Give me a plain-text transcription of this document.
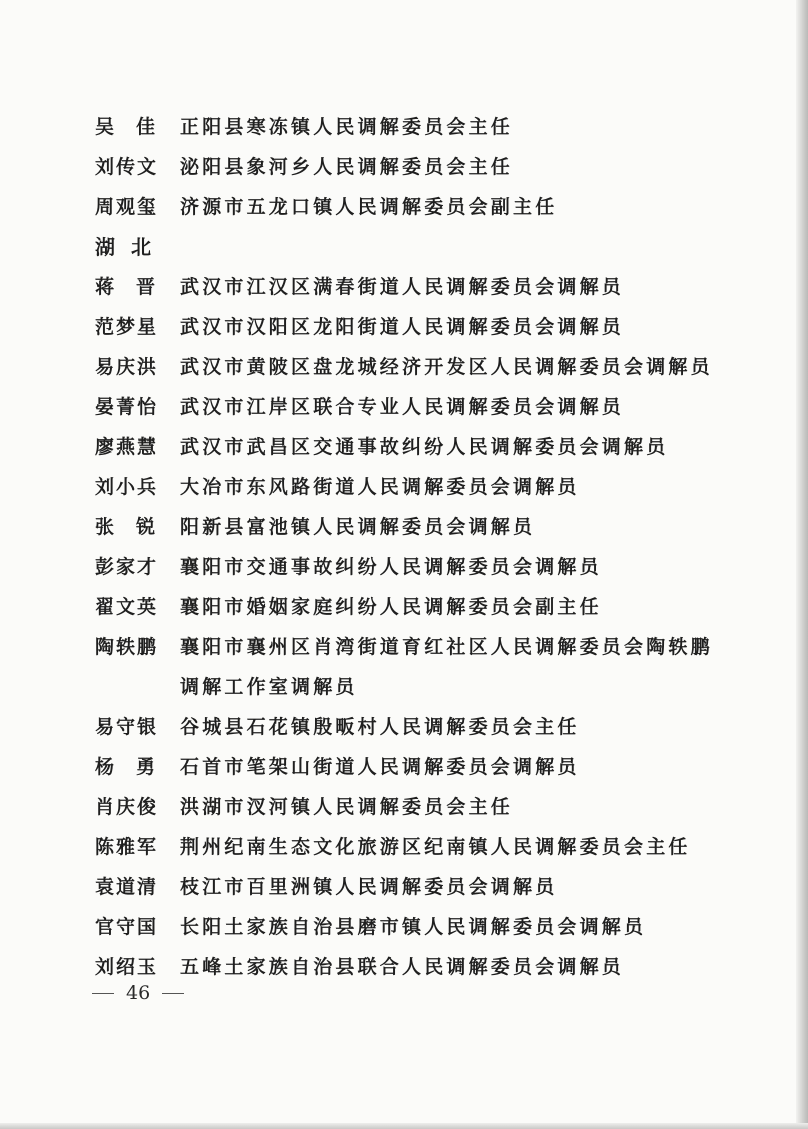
吴 佳 正阳县寒冻镇人民调解委员会主任
刘传文	泌阳县象河乡人民调解委员会主任
周观玺	济源市五龙口镇人民调解委员会副主任
湖北
蒋 晋 武汉市江汉区满春街道人民调解委员会调解员
范梦星	武汉市汉阳区龙阳街道人民调解委员会调解员
易庆洪	武汉市黄陂区盘龙城经济开发区人民调解委员会调解员
晏菁怡	武汉市江岸区联合专业人民调解委员会调解员
廖燕慧	武汉市武昌区交通事故纠纷人民调解委员会调解员
刘小兵	大冶市东风路街道人民调解委员会调解员
张 锐 阳新县富池镇人民调解委员会调解员
彭家才	襄阳市交通事故纠纷人民调解委员会调解员
翟文英	襄阳市婚姻家庭纠纷人民调解委员会副主任
陶轶鹏	襄阳市襄州区肖湾街道育红社区人民调解委员会陶轶鹏
调解工作室调解员
易守银	谷城县石花镇殷畈村人民调解委员会主任
杨 勇 石首市笔架山街道人民调解委员会调解员
肖庆俊	洪湖市汊河镇人民调解委员会主任
陈雅军	荆州纪南生态文化旅游区纪南镇人民调解委员会主任
袁道清	枝江市百里洲镇人民调解委员会调解员
官守国	长阳土家族自治县磨市镇人民调解委员会调解员
刘绍玉	五峰土家族自治县联合人民调解委员会调解员
46
